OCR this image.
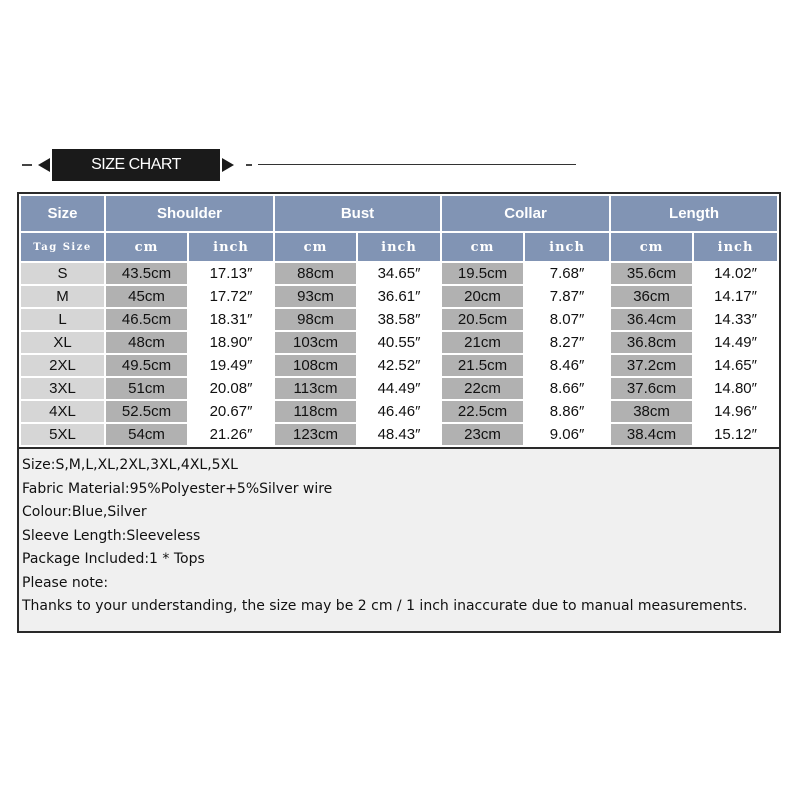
SIZE CHART
Size	Shoulder		Bust		Collar		Length	
Tag Size	cm	inch	cm	inch	cm	inch	cm	inch
S	43.5cm	17.13″	88cm	34.65″	19.5cm	7.68″	35.6cm	14.02″
M	45cm	17.72″	93cm	36.61″	20cm	7.87″	36cm	14.17″
L	46.5cm	18.31″	98cm	38.58″	20.5cm	8.07″	36.4cm	14.33″
XL	48cm	18.90″	103cm	40.55″	21cm	8.27″	36.8cm	14.49″
2XL	49.5cm	19.49″	108cm	42.52″	21.5cm	8.46″	37.2cm	14.65″
3XL	51cm	20.08″	113cm	44.49″	22cm	8.66″	37.6cm	14.80″
4XL	52.5cm	20.67″	118cm	46.46″	22.5cm	8.86″	38cm	14.96″
5XL	54cm	21.26″	123cm	48.43″	23cm	9.06″	38.4cm	15.12″
Size:S,M,L,XL,2XL,3XL,4XL,5XL
Fabric Material:95%Polyester+5%Silver wire
Colour:Blue,Silver
Sleeve Length:Sleeveless
Package Included:1 * Tops
Please note:
Thanks to your understanding, the size may be 2 cm / 1 inch inaccurate due to manual measurements.
